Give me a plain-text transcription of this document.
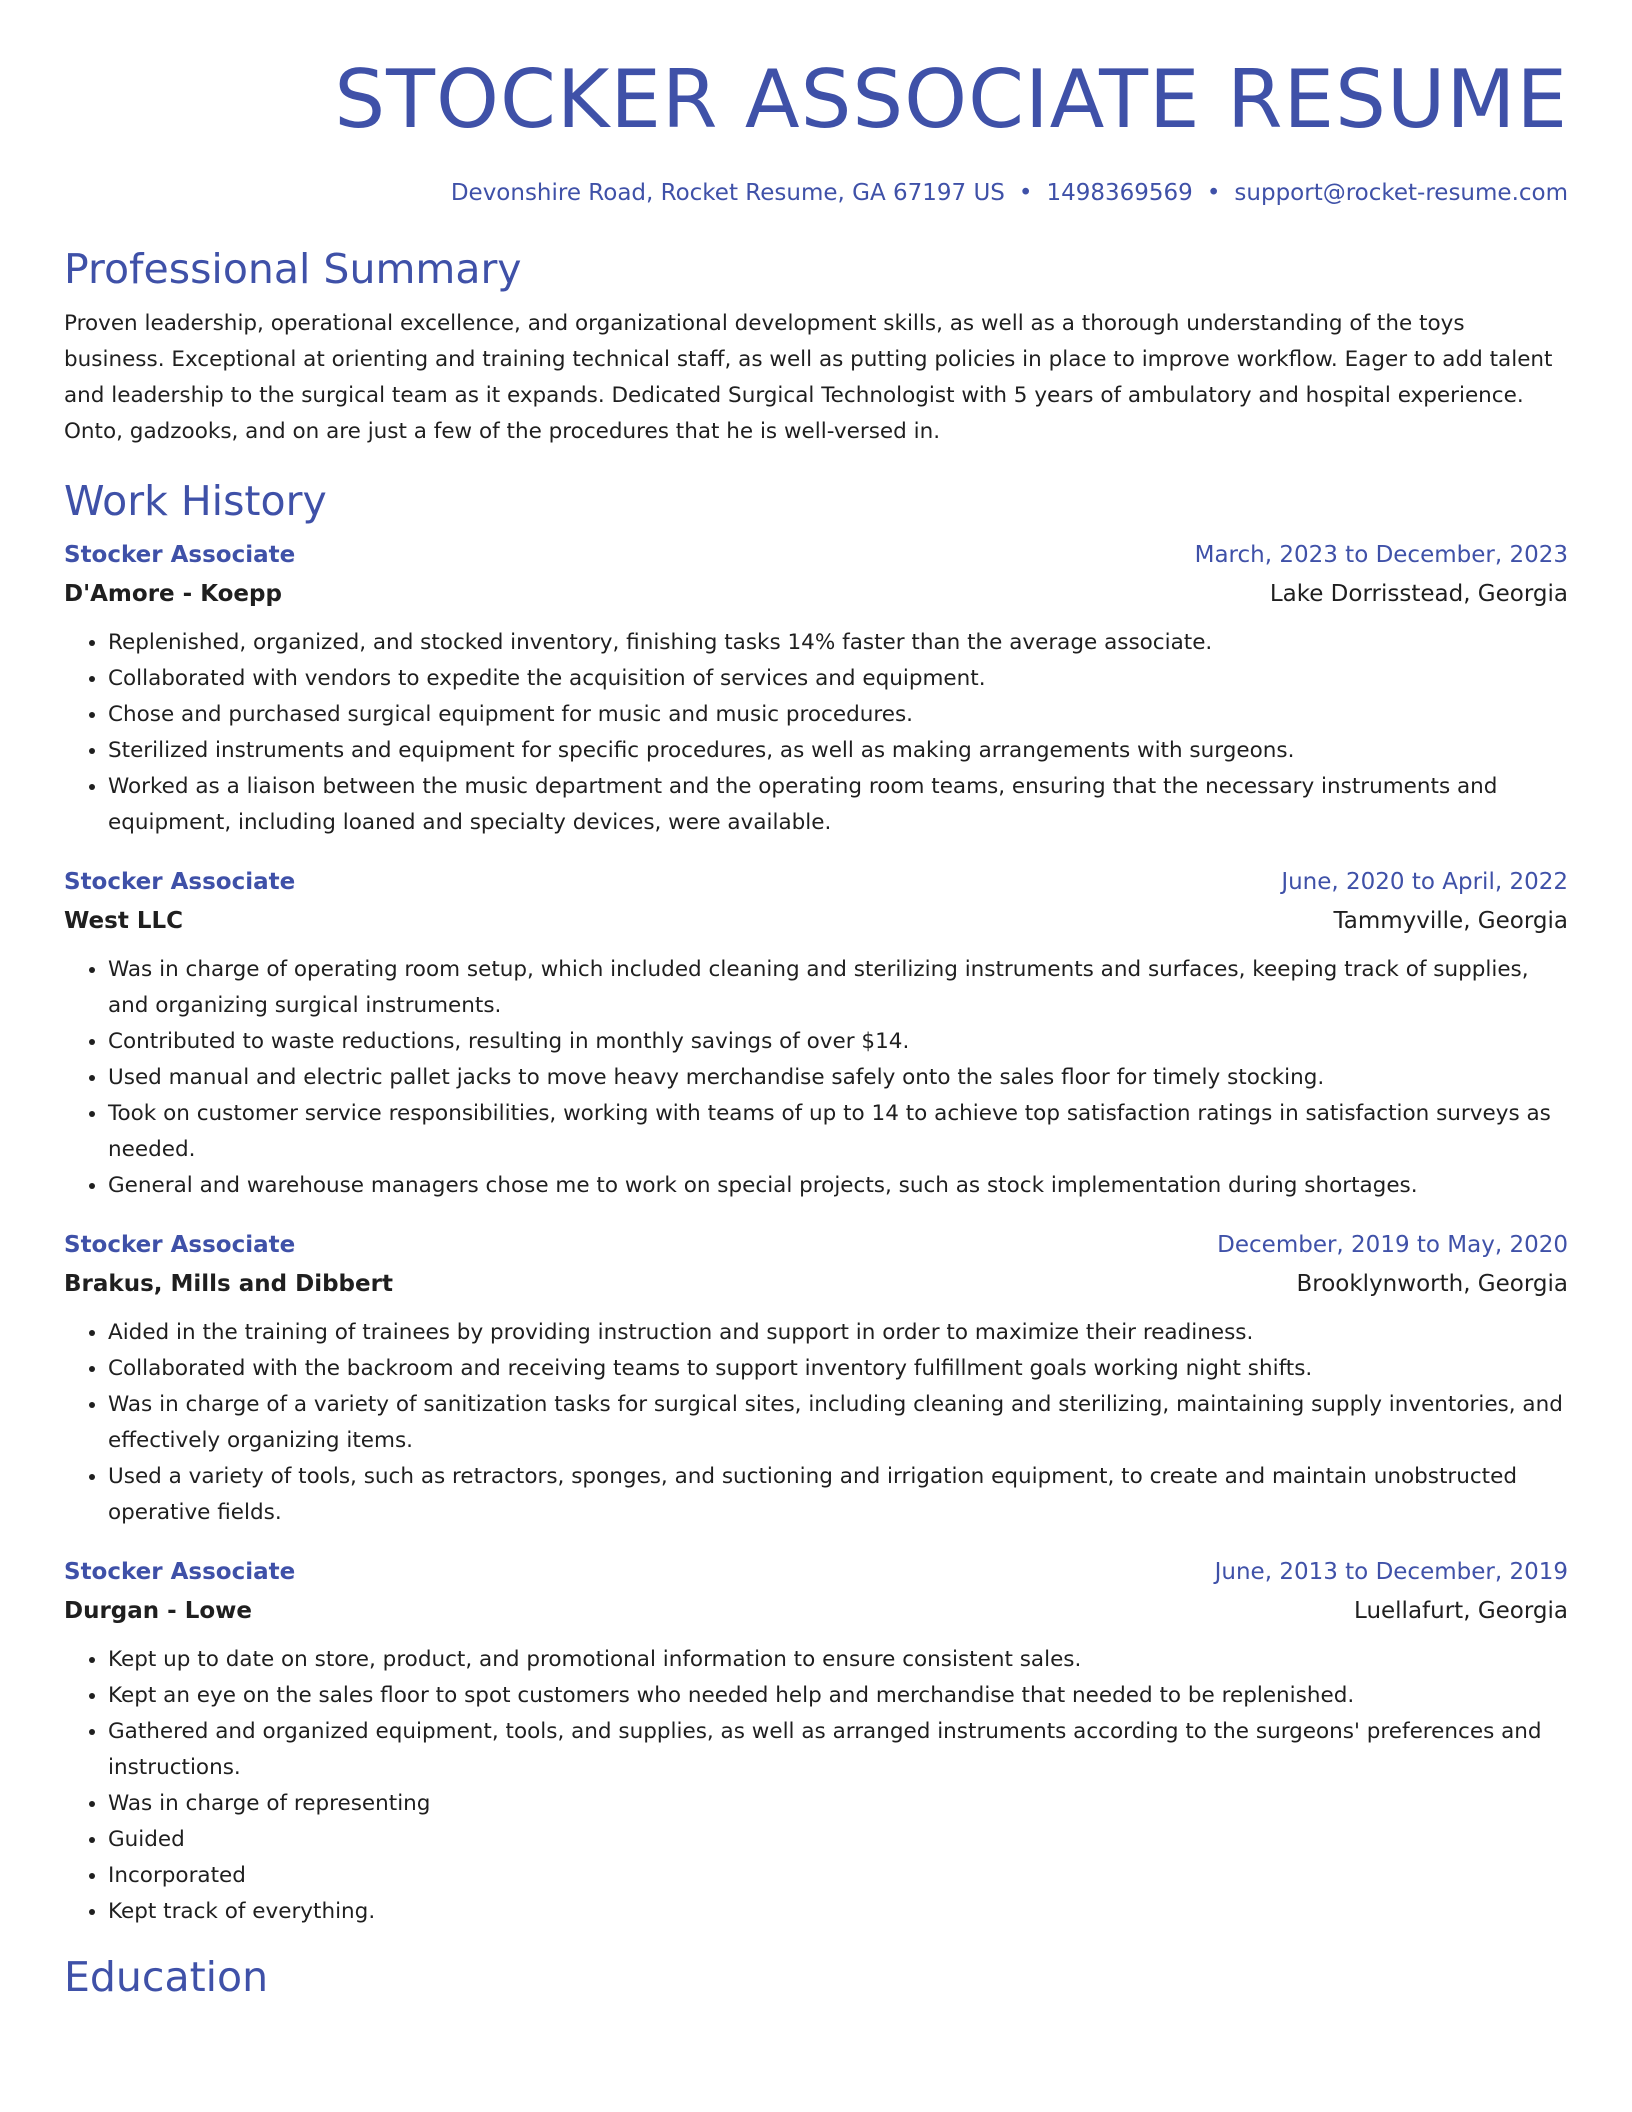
STOCKER ASSOCIATE RESUME
Devonshire Road, Rocket Resume, GA 67197 US • 1498369569 • support@rocket-resume.com
Professional Summary
Proven leadership, operational excellence, and organizational development skills, as well as a thorough understanding of the toys business. Exceptional at orienting and training technical staff, as well as putting policies in place to improve workflow. Eager to add talent and leadership to the surgical team as it expands. Dedicated Surgical Technologist with 5 years of ambulatory and hospital experience. Onto, gadzooks, and on are just a few of the procedures that he is well-versed in.
Work History
Stocker Associate	March, 2023 to December, 2023
D'Amore - Koepp	Lake Dorrisstead, Georgia
• Replenished, organized, and stocked inventory, finishing tasks 14% faster than the average associate.
• Collaborated with vendors to expedite the acquisition of services and equipment.
• Chose and purchased surgical equipment for music and music procedures.
• Sterilized instruments and equipment for specific procedures, as well as making arrangements with surgeons.
• Worked as a liaison between the music department and the operating room teams, ensuring that the necessary instruments and equipment, including loaned and specialty devices, were available.
Stocker Associate	June, 2020 to April, 2022
West LLC	Tammyville, Georgia
• Was in charge of operating room setup, which included cleaning and sterilizing instruments and surfaces, keeping track of supplies, and organizing surgical instruments.
• Contributed to waste reductions, resulting in monthly savings of over $14.
• Used manual and electric pallet jacks to move heavy merchandise safely onto the sales floor for timely stocking.
• Took on customer service responsibilities, working with teams of up to 14 to achieve top satisfaction ratings in satisfaction surveys as needed.
• General and warehouse managers chose me to work on special projects, such as stock implementation during shortages.
Stocker Associate	December, 2019 to May, 2020
Brakus, Mills and Dibbert	Brooklynworth, Georgia
• Aided in the training of trainees by providing instruction and support in order to maximize their readiness.
• Collaborated with the backroom and receiving teams to support inventory fulfillment goals working night shifts.
• Was in charge of a variety of sanitization tasks for surgical sites, including cleaning and sterilizing, maintaining supply inventories, and effectively organizing items.
• Used a variety of tools, such as retractors, sponges, and suctioning and irrigation equipment, to create and maintain unobstructed operative fields.
Stocker Associate	June, 2013 to December, 2019
Durgan - Lowe	Luellafurt, Georgia
• Kept up to date on store, product, and promotional information to ensure consistent sales.
• Kept an eye on the sales floor to spot customers who needed help and merchandise that needed to be replenished.
• Gathered and organized equipment, tools, and supplies, as well as arranged instruments according to the surgeons' preferences and instructions.
• Was in charge of representing
• Guided
• Incorporated
• Kept track of everything.
Education
